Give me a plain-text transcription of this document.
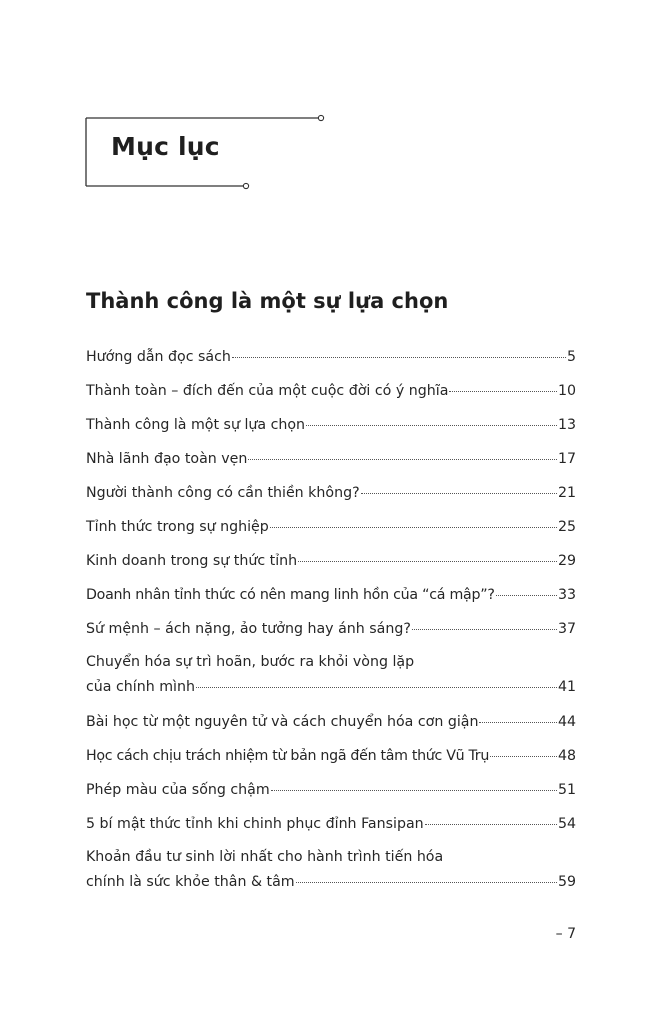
Mục lục
Thành công là một sự lựa chọn
Hướng dẫn đọc sách	5
Thành toàn – đích đến của một cuộc đời có ý nghĩa	10
Thành công là một sự lựa chọn	13
Nhà lãnh đạo toàn vẹn	17
Người thành công có cần thiền không?	21
Tỉnh thức trong sự nghiệp	25
Kinh doanh trong sự thức tỉnh	29
Doanh nhân tỉnh thức có nên mang linh hồn của “cá mập”?	33
Sứ mệnh – ách nặng, ảo tưởng hay ánh sáng?	37
Chuyển hóa sự trì hoãn, bước ra khỏi vòng lặp
của chính mình	41
Bài học từ một nguyên tử và cách chuyển hóa cơn giận	44
Học cách chịu trách nhiệm từ bản ngã đến tâm thức Vũ Trụ	48
Phép màu của sống chậm	51
5 bí mật thức tỉnh khi chinh phục đỉnh Fansipan	54
Khoản đầu tư sinh lời nhất cho hành trình tiến hóa
chính là sức khỏe thân & tâm	59
– 7
